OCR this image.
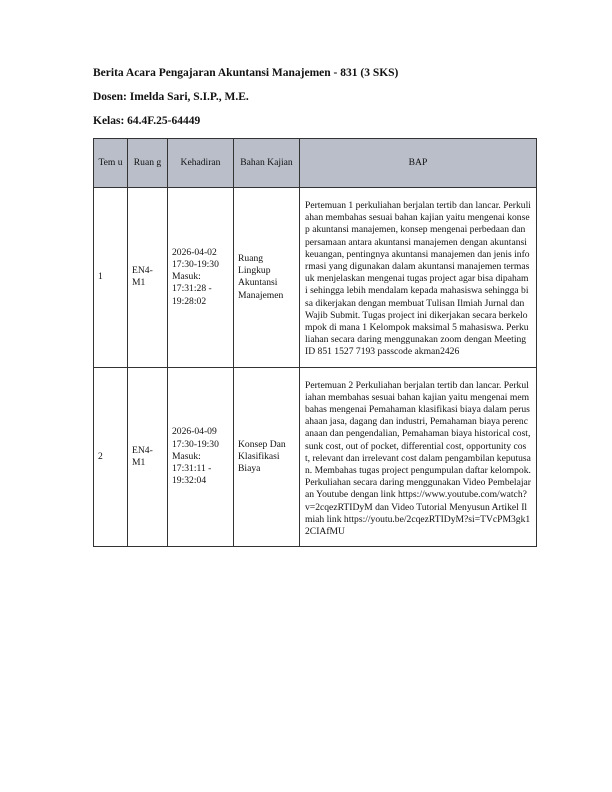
Berita Acara Pengajaran Akuntansi Manajemen - 831 (3 SKS)
Dosen: Imelda Sari, S.I.P., M.E.
Kelas: 64.4F.25-64449
Tem u	Ruan g	Kehadiran	Bahan Kajian	BAP
1	EN4-M1	2026-04-02 17:30-19:30 Masuk: 17:31:28 - 19:28:02	Ruang Lingkup Akuntansi Manajemen	Pertemuan 1 perkuliahan berjalan tertib dan lancar. Perkuliahan membahas sesuai bahan kajian yaitu mengenai konsep akuntansi manajemen, konsep mengenai perbedaan dan persamaan antara akuntansi manajemen dengan akuntansi keuangan, pentingnya akuntansi manajemen dan jenis informasi yang digunakan dalam akuntansi manajemen termasuk menjelaskan mengenai tugas project agar bisa dipahami sehingga lebih mendalam kepada mahasiswa sehingga bisa dikerjakan dengan membuat Tulisan Ilmiah Jurnal dan Wajib Submit. Tugas project ini dikerjakan secara berkelompok di mana 1 Kelompok maksimal 5 mahasiswa. Perkuliahan secara daring menggunakan zoom dengan Meeting ID 851 1527 7193 passcode akman2426

2	EN4-M1	2026-04-09 17:30-19:30 Masuk: 17:31:11 - 19:32:04	Konsep Dan Klasifikasi Biaya	Pertemuan 2 Perkuliahan berjalan tertib dan lancar. Perkuliahan membahas sesuai bahan kajian yaitu mengenai membahas mengenai Pemahaman klasifikasi biaya dalam perusahaan jasa, dagang dan industri, Pemahaman biaya perencanaan dan pengendalian, Pemahaman biaya historical cost, sunk cost, out of pocket, differential cost, opportunity cost, relevant dan irrelevant cost dalam pengambilan keputusan. Membahas tugas project pengumpulan daftar kelompok. Perkuliahan secara daring menggunakan Video Pembelajaran Youtube dengan link https://www.youtube.com/watch?v=2cqezRTIDyM dan Video Tutorial Menyusun Artikel Ilmiah link https://youtu.be/2cqezRTIDyM?si=TVcPM3gk12CIAfMU
